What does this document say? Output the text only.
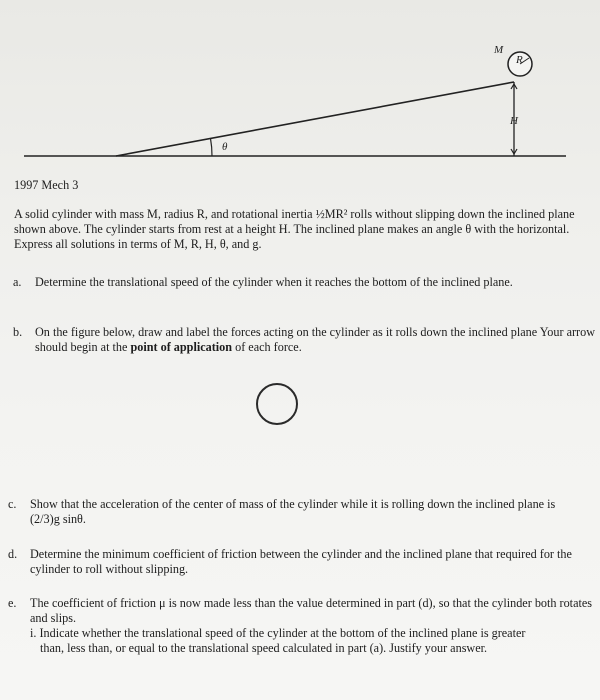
M
R
H
θ
1997 Mech 3
A solid cylinder with mass M, radius R, and rotational inertia ½MR² rolls without slipping down the inclined plane shown above. The cylinder starts from rest at a height H. The inclined plane makes an angle θ with the horizontal. Express all solutions in terms of M, R, H, θ, and g.
a. Determine the translational speed of the cylinder when it reaches the bottom of the inclined plane.
b. On the figure below, draw and label the forces acting on the cylinder as it rolls down the inclined plane Your arrow should begin at the point of application of each force.
c. Show that the acceleration of the center of mass of the cylinder while it is rolling down the inclined plane is (2/3)g sinθ.
d. Determine the minimum coefficient of friction between the cylinder and the inclined plane that required for the cylinder to roll without slipping.
e. The coefficient of friction μ is now made less than the value determined in part (d), so that the cylinder both rotates and slips.
i. Indicate whether the translational speed of the cylinder at the bottom of the inclined plane is greater

than, less than, or equal to the translational speed calculated in part (a). Justify your answer.
